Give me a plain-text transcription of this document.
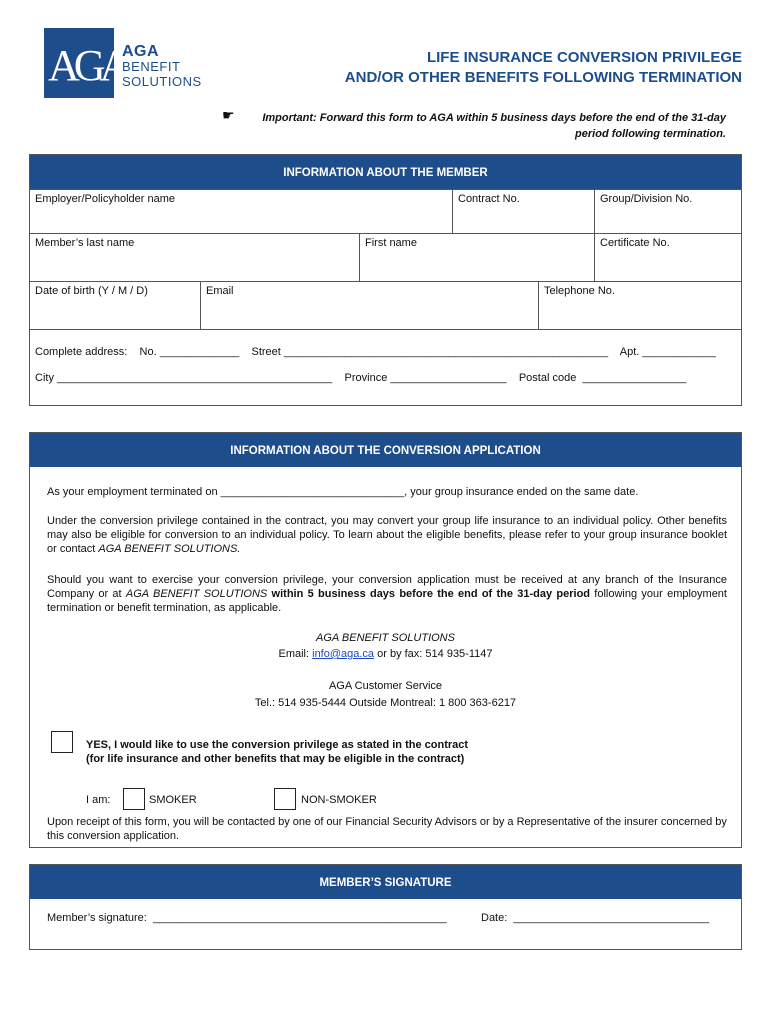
AGA
AGA
BENEFIT
SOLUTIONS
LIFE INSURANCE CONVERSION PRIVILEGE
AND/OR OTHER BENEFITS FOLLOWING TERMINATION
☛	Important: Forward this form to AGA within 5 business days before the end of the 31-day
period following termination.
INFORMATION ABOUT THE MEMBER
Employer/Policyholder name	Contract No.	Group/Division No.
Member’s last name	First name	Certificate No.
Date of birth (Y / M / D)	Email	Telephone No.
Complete address:    No. _____________    Street _____________________________________________________    Apt. ____________
City _____________________________________________    Province ___________________    Postal code  _________________
INFORMATION ABOUT THE CONVERSION APPLICATION
As your employment terminated on ______________________________, your group insurance ended on the same date.
Under the conversion privilege contained in the contract, you may convert your group life insurance to an individual policy. Other benefits may also be eligible for conversion to an individual policy. To learn about the eligible benefits, please refer to your group insurance booklet or contact AGA BENEFIT SOLUTIONS.
Should you want to exercise your conversion privilege, your conversion application must be received at any branch of the Insurance Company or at AGA BENEFIT SOLUTIONS within 5 business days before the end of the 31-day period following your employment termination or benefit termination, as applicable.
AGA BENEFIT SOLUTIONS
Email: info@aga.ca or by fax: 514 935-1147
AGA Customer Service
Tel.: 514 935-5444 Outside Montreal: 1 800 363-6217
YES, I would like to use the conversion privilege as stated in the contract
(for life insurance and other benefits that may be eligible in the contract)
I am:	SMOKER	NON-SMOKER
Upon receipt of this form, you will be contacted by one of our Financial Security Advisors or by a Representative of the insurer concerned by this conversion application.
MEMBER’S SIGNATURE
Member’s signature:  ________________________________________________	Date:  ________________________________
